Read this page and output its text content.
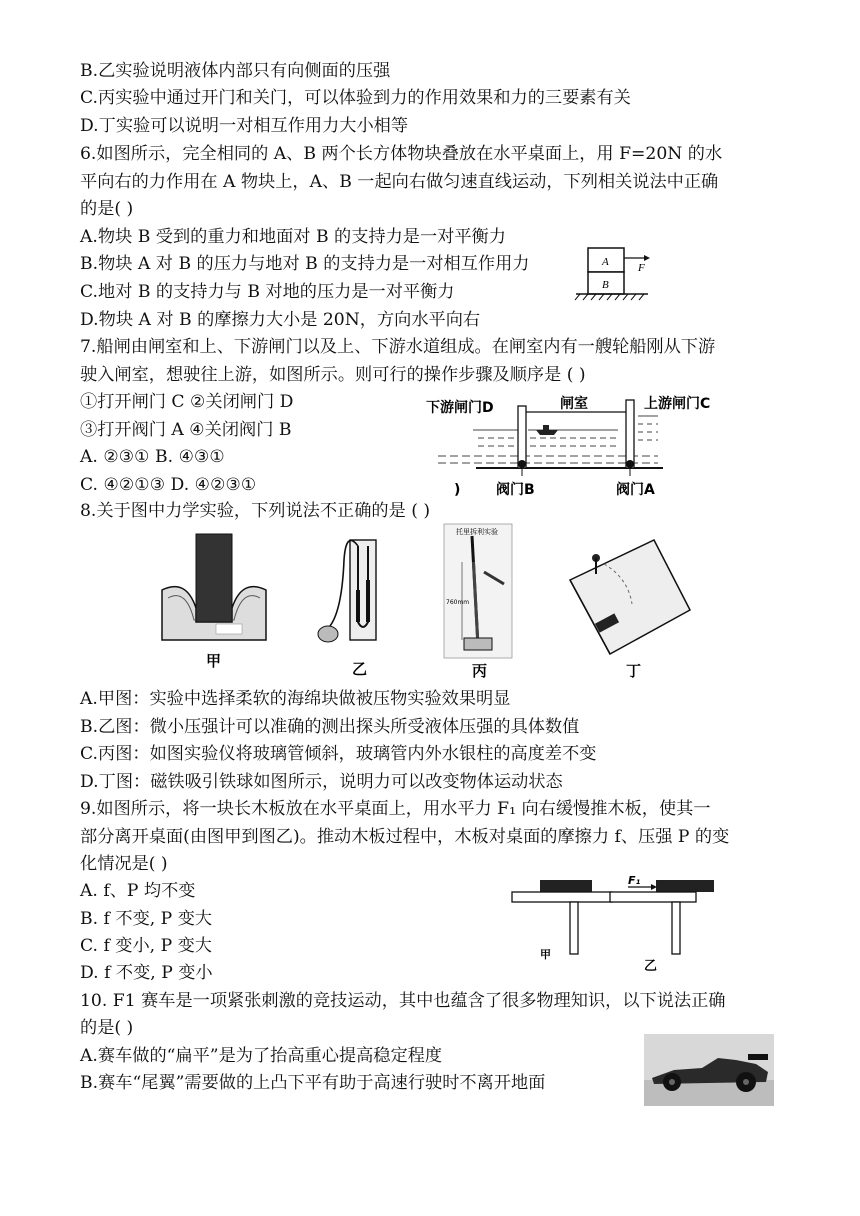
B.乙实验说明液体内部只有向侧面的压强
C.丙实验中通过开门和关门，可以体验到力的作用效果和力的三要素有关
D.丁实验可以说明一对相互作用力大小相等
6.如图所示，完全相同的 A、B 两个长方体物块叠放在水平桌面上，用 F=20N 的水
平向右的力作用在 A 物块上，A、B 一起向右做匀速直线运动，下列相关说法中正确
的是( )
A.物块 B 受到的重力和地面对 B 的支持力是一对平衡力
B.物块 A 对 B 的压力与地对 B 的支持力是一对相互作用力
C.地对 B 的支持力与 B 对地的压力是一对平衡力
D.物块 A 对 B 的摩擦力大小是 20N，方向水平向右
7.船闸由闸室和上、下游闸门以及上、下游水道组成。在闸室内有一艘轮船刚从下游
驶入闸室，想驶往上游，如图所示。则可行的操作步骤及顺序是 ( )
①打开闸门 C ②关闭闸门 D
③打开阀门 A ④关闭阀门 B
A. ②③① B. ④③①
C. ④②①③ D. ④②③①
8.关于图中力学实验，下列说法不正确的是 ( )
A.甲图：实验中选择柔软的海绵块做被压物实验效果明显
B.乙图：微小压强计可以准确的测出探头所受液体压强的具体数值
C.丙图：如图实验仪将玻璃管倾斜，玻璃管内外水银柱的高度差不变
D.丁图：磁铁吸引铁球如图所示，说明力可以改变物体运动状态
9.如图所示，将一块长木板放在水平桌面上，用水平力 F₁ 向右缓慢推木板，使其一
部分离开桌面(由图甲到图乙)。推动木板过程中，木板对桌面的摩擦力 f、压强 P 的变
化情况是( )
A. f、P 均不变
B. f 不变, P 变大
C. f 变小, P 变大
D. f 不变, P 变小
10. F1 赛车是一项紧张刺激的竞技运动，其中也蕴含了很多物理知识，以下说法正确
的是( )
A.赛车做的“扁平”是为了抬高重心提高稳定程度
B.赛车“尾翼”需要做的上凸下平有助于高速行驶时不离开地面
A
B
F
下游闸门D	闸室	上游闸门C
阀门B	阀门A
)
甲	乙
托里拆利实验
760mm
丙	丁
甲
F₁
乙
